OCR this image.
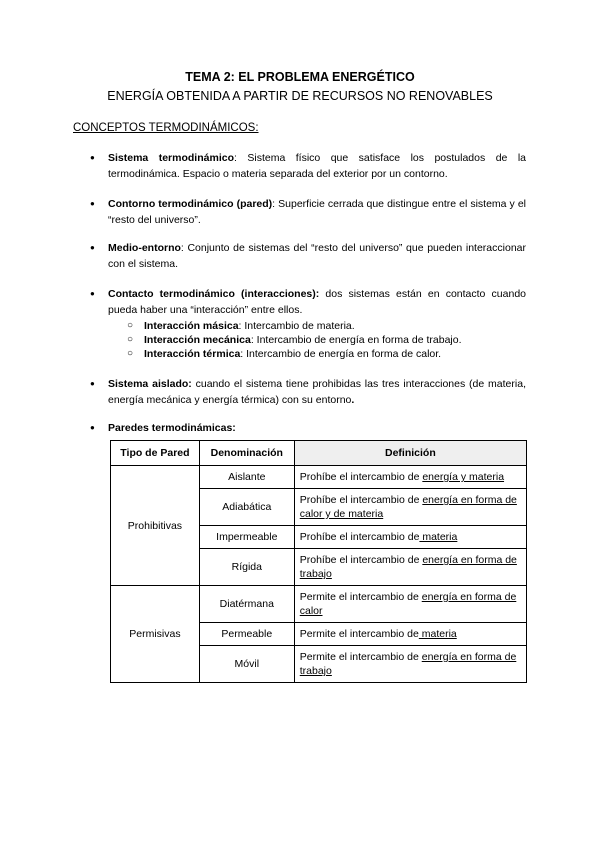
TEMA 2: EL PROBLEMA ENERGÉTICO
ENERGÍA OBTENIDA A PARTIR DE RECURSOS NO RENOVABLES
CONCEPTOS TERMODINÁMICOS:
● Sistema termodinámico: Sistema físico que satisface los postulados de la termodinámica. Espacio o materia separada del exterior por un contorno.
● Contorno termodinámico (pared): Superficie cerrada que distingue entre el sistema y el “resto del universo”.
● Medio-entorno: Conjunto de sistemas del “resto del universo” que pueden interaccionar con el sistema.
● Contacto termodinámico (interacciones): dos sistemas están en contacto cuando pueda haber una “interacción” entre ellos.
○ Interacción másica: Intercambio de materia.
○ Interacción mecánica: Intercambio de energía en forma de trabajo.
○ Interacción térmica: Intercambio de energía en forma de calor.
● Sistema aislado: cuando el sistema tiene prohibidas las tres interacciones (de materia, energía mecánica y energía térmica) con su entorno.
● Paredes termodinámicas:
Tipo de Pared	Denominación	Definición
Prohibitivas	Aislante	Prohíbe el intercambio de energía y materia
	Adiabática	Prohíbe el intercambio de energía en forma de calor y de materia
	Impermeable	Prohíbe el intercambio de materia
	Rígida	Prohíbe el intercambio de energía en forma de trabajo
Permisivas	Diatérmana	Permite el intercambio de energía en forma de calor
	Permeable	Permite el intercambio de materia
	Móvil	Permite el intercambio de energía en forma de trabajo
